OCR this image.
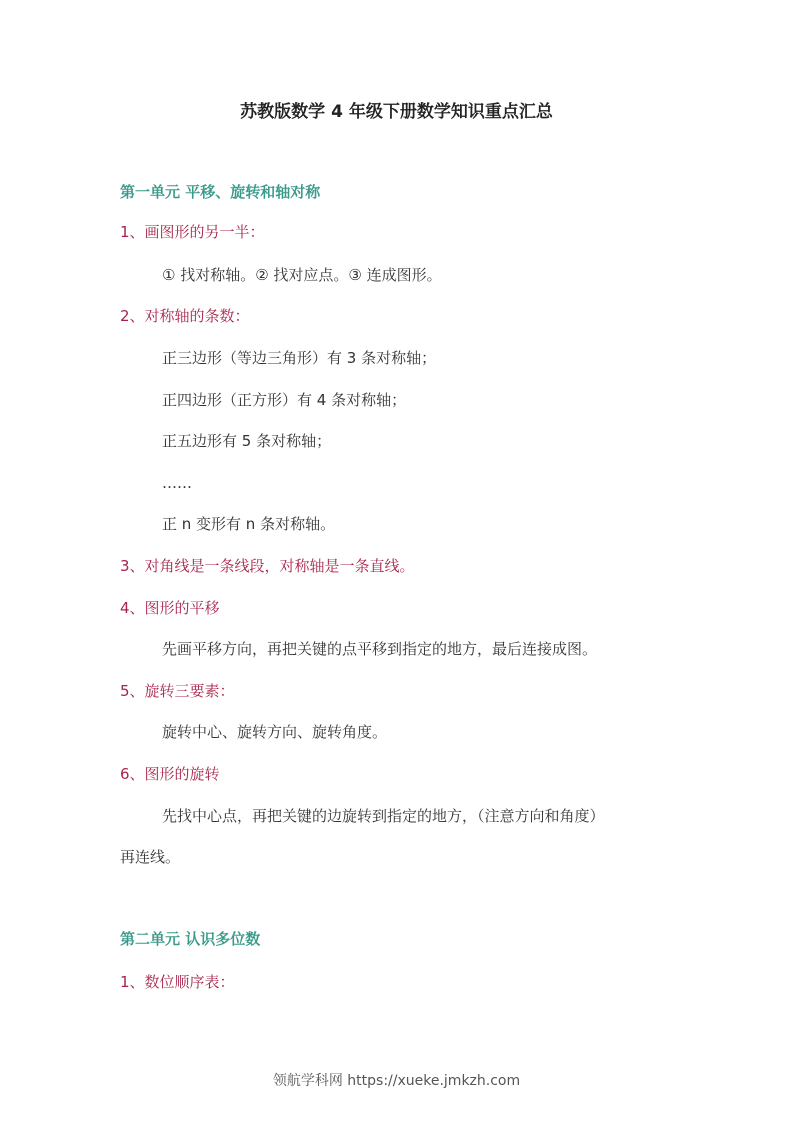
苏教版数学 4 年级下册数学知识重点汇总
第一单元 平移、旋转和轴对称
1、画图形的另一半：
① 找对称轴。② 找对应点。③ 连成图形。
2、对称轴的条数：
正三边形（等边三角形）有 3 条对称轴；
正四边形（正方形）有 4 条对称轴；
正五边形有 5 条对称轴；
……
正 n 变形有 n 条对称轴。
3、对角线是一条线段，对称轴是一条直线。
4、图形的平移
先画平移方向，再把关键的点平移到指定的地方，最后连接成图。
5、旋转三要素：
旋转中心、旋转方向、旋转角度。
6、图形的旋转
先找中心点，再把关键的边旋转到指定的地方，（注意方向和角度）
再连线。
第二单元 认识多位数
1、数位顺序表：
领航学科网 https://xueke.jmkzh.com
